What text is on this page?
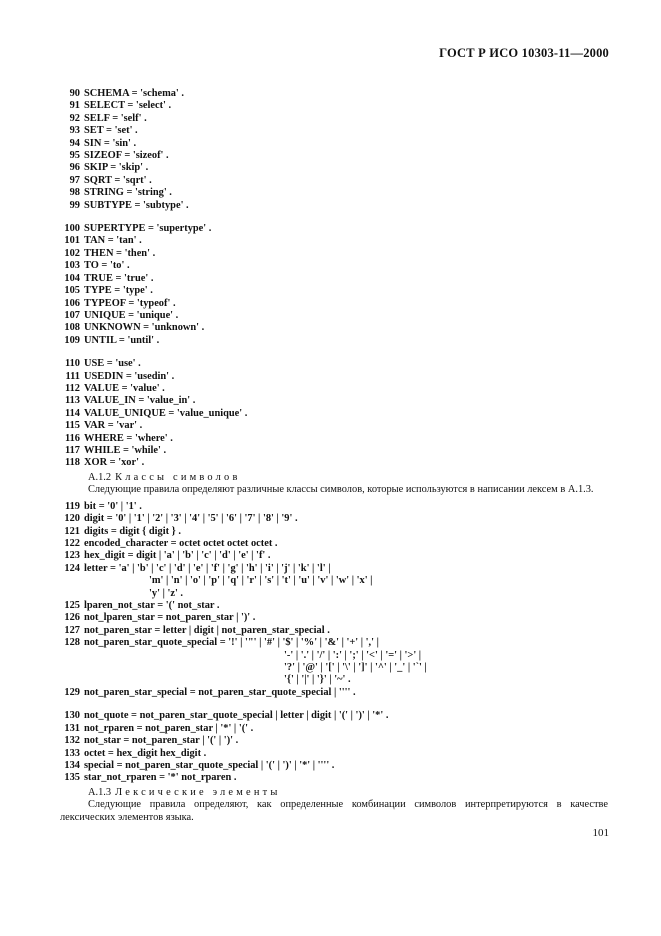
ГОСТ Р ИСО 10303-11—2000
90 SCHEMA = 'schema' .
91 SELECT = 'select' .
92 SELF = 'self' .
93 SET = 'set' .
94 SIN = 'sin' .
95 SIZEOF = 'sizeof' .
96 SKIP = 'skip' .
97 SQRT = 'sqrt' .
98 STRING = 'string' .
99 SUBTYPE = 'subtype' .
100 SUPERTYPE = 'supertype' .
101 TAN = 'tan' .
102 THEN = 'then' .
103 TO = 'to' .
104 TRUE = 'true' .
105 TYPE = 'type' .
106 TYPEOF = 'typeof' .
107 UNIQUE = 'unique' .
108 UNKNOWN = 'unknown' .
109 UNTIL = 'until' .
110 USE = 'use' .
111 USEDIN = 'usedin' .
112 VALUE = 'value' .
113 VALUE_IN = 'value_in' .
114 VALUE_UNIQUE = 'value_unique' .
115 VAR = 'var' .
116 WHERE = 'where' .
117 WHILE = 'while' .
118 XOR = 'xor' .
A.1.2 Классы символов
Следующие правила определяют различные классы символов, которые используются в написании лексем в А.1.3.
119 bit = '0' | '1' .
120 digit = '0' | '1' | '2' | '3' | '4' | '5' | '6' | '7' | '8' | '9' .
121 digits = digit { digit } .
122 encoded_character = octet octet octet octet .
123 hex_digit = digit | 'a' | 'b' | 'c' | 'd' | 'e' | 'f' .
124 letter = 'a' | 'b' | 'c' | 'd' | 'e' | 'f' | 'g' | 'h' | 'i' | 'j' | 'k' | 'l' |
'm' | 'n' | 'o' | 'p' | 'q' | 'r' | 's' | 't' | 'u' | 'v' | 'w' | 'x' |
'y' | 'z' .
125 lparen_not_star = '(' not_star .
126 not_lparen_star = not_paren_star | ')' .
127 not_paren_star = letter | digit | not_paren_star_special .
128 not_paren_star_quote_special = '!' | '"' | '#' | '$' | '%' | '&' | '+' | ',' |
'-' | '.' | '/' | ':' | ';' | '<' | '=' | '>' |
'?' | '@' | '[' | '\' | ']' | '^' | '_' | '`' |
'{' | '|' | '}' | '~' .
129 not_paren_star_special = not_paren_star_quote_special | '''' .
130 not_quote = not_paren_star_quote_special | letter | digit | '(' | ')' | '*' .
131 not_rparen = not_paren_star | '*' | '(' .
132 not_star = not_paren_star | '(' | ')' .
133 octet = hex_digit hex_digit .
134 special = not_paren_star_quote_special | '(' | ')' | '*' | '''' .
135 star_not_rparen = '*' not_rparen .
А.1.3 Лексические элементы
Следующие правила определяют, как определенные комбинации символов интерпретируются в качестве лексических элементов языка.
101
